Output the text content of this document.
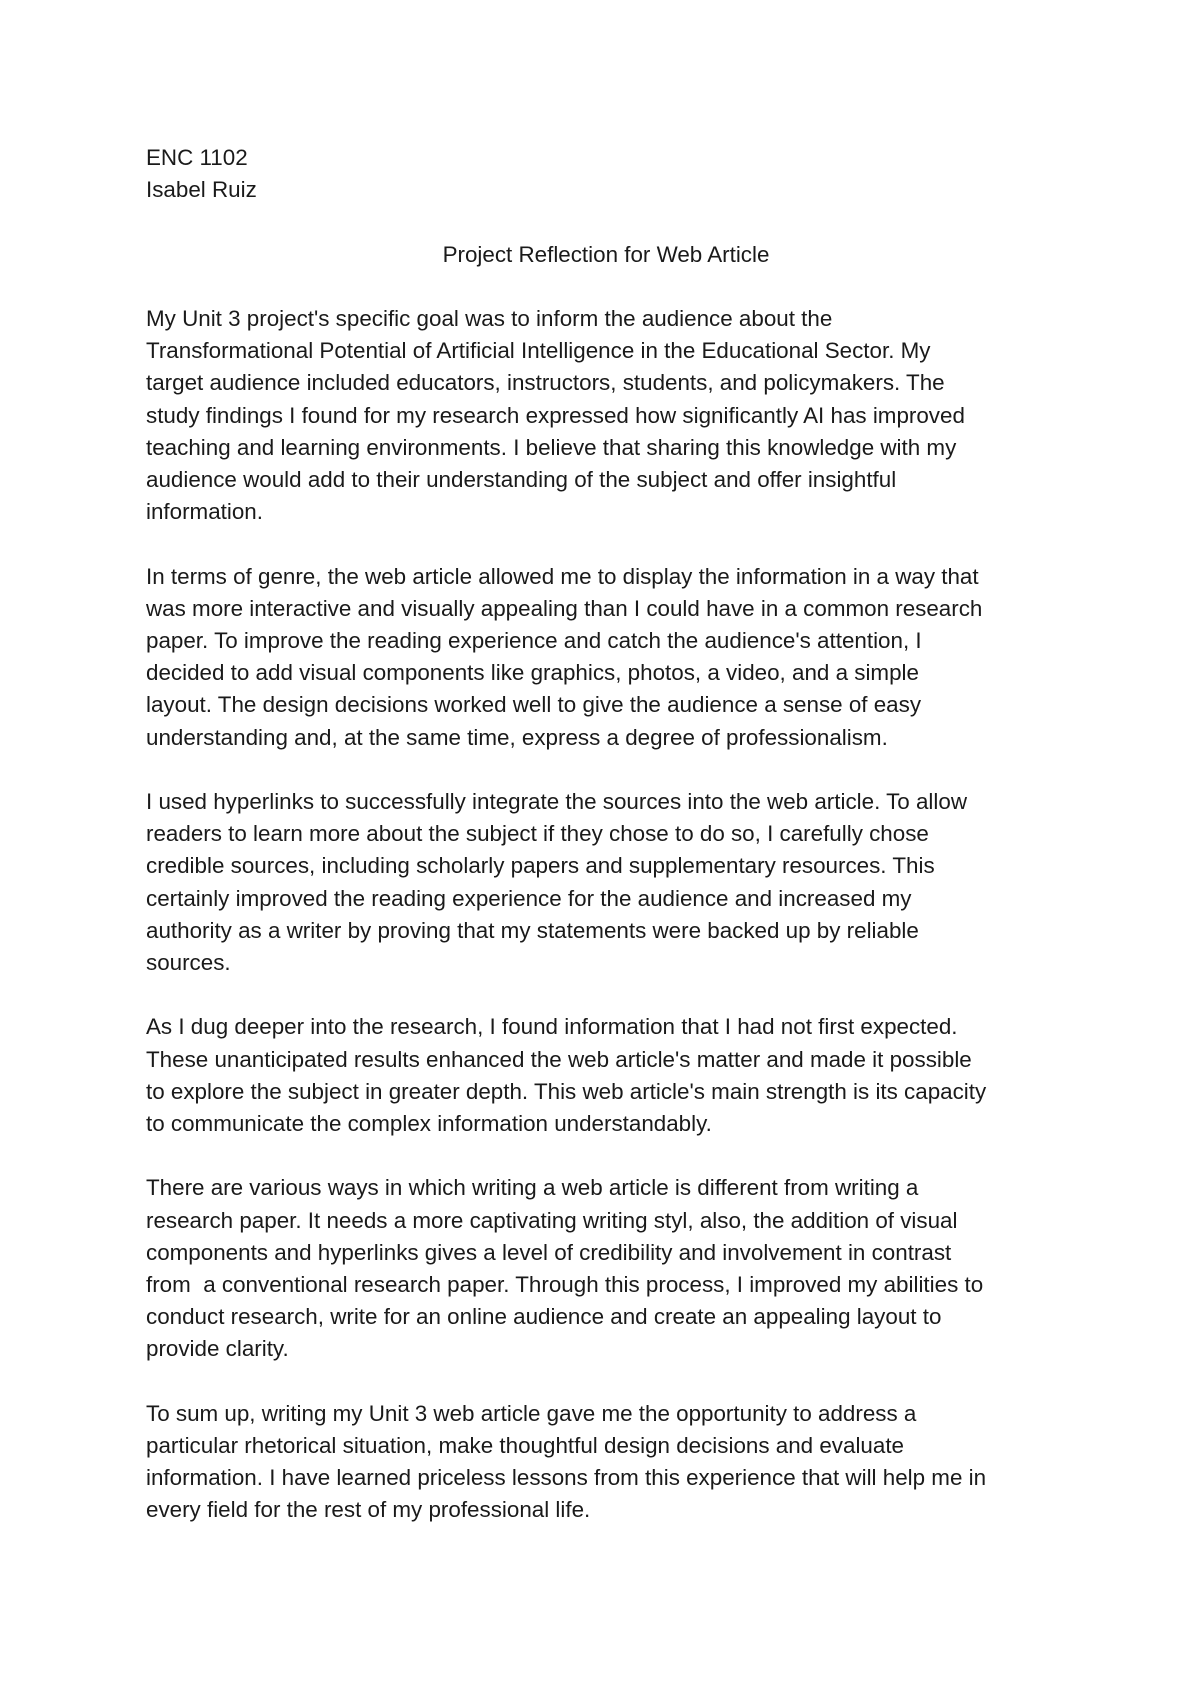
ENC 1102

Isabel Ruiz

Project Reflection for Web Article

My Unit 3 project's specific goal was to inform the audience about the
Transformational Potential of Artificial Intelligence in the Educational Sector. My
target audience included educators, instructors, students, and policymakers. The
study findings I found for my research expressed how significantly AI has improved
teaching and learning environments. I believe that sharing this knowledge with my
audience would add to their understanding of the subject and offer insightful
information.

In terms of genre, the web article allowed me to display the information in a way that
was more interactive and visually appealing than I could have in a common research
paper. To improve the reading experience and catch the audience's attention, I
decided to add visual components like graphics, photos, a video, and a simple
layout. The design decisions worked well to give the audience a sense of easy
understanding and, at the same time, express a degree of professionalism.

I used hyperlinks to successfully integrate the sources into the web article. To allow
readers to learn more about the subject if they chose to do so, I carefully chose
credible sources, including scholarly papers and supplementary resources. This
certainly improved the reading experience for the audience and increased my
authority as a writer by proving that my statements were backed up by reliable
sources.

As I dug deeper into the research, I found information that I had not first expected.
These unanticipated results enhanced the web article's matter and made it possible
to explore the subject in greater depth. This web article's main strength is its capacity
to communicate the complex information understandably.

There are various ways in which writing a web article is different from writing a
research paper. It needs a more captivating writing styl, also, the addition of visual
components and hyperlinks gives a level of credibility and involvement in contrast
from  a conventional research paper. Through this process, I improved my abilities to
conduct research, write for an online audience and create an appealing layout to
provide clarity.

To sum up, writing my Unit 3 web article gave me the opportunity to address a
particular rhetorical situation, make thoughtful design decisions and evaluate
information. I have learned priceless lessons from this experience that will help me in
every field for the rest of my professional life.
